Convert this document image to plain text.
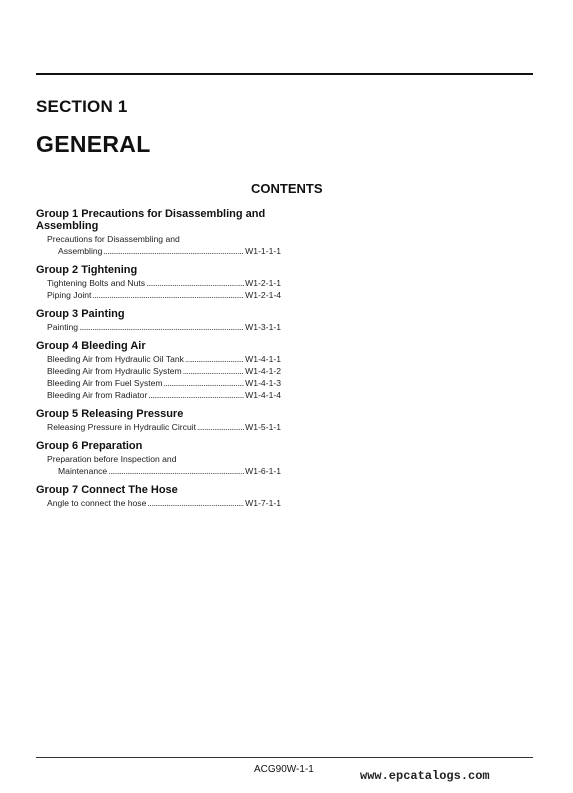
SECTION 1
GENERAL
CONTENTS
Group 1 Precautions for Disassembling and Assembling
Precautions for Disassembling and
Assembling .....	W1-1-1-1
Group 2 Tightening
Tightening Bolts and Nuts .....	W1-2-1-1
Piping Joint .....	W1-2-1-4
Group 3 Painting
Painting .....	W1-3-1-1
Group 4 Bleeding Air
Bleeding Air from Hydraulic Oil Tank .....	W1-4-1-1
Bleeding Air from Hydraulic System .....	W1-4-1-2
Bleeding Air from Fuel System .....	W1-4-1-3
Bleeding Air from Radiator .....	W1-4-1-4
Group 5 Releasing Pressure
Releasing Pressure in Hydraulic Circuit .....	W1-5-1-1
Group 6 Preparation
Preparation before Inspection and
Maintenance .....	W1-6-1-1
Group 7 Connect The Hose
Angle to connect the hose .....	W1-7-1-1
ACG90W-1-1	www.epcatalogs.com
